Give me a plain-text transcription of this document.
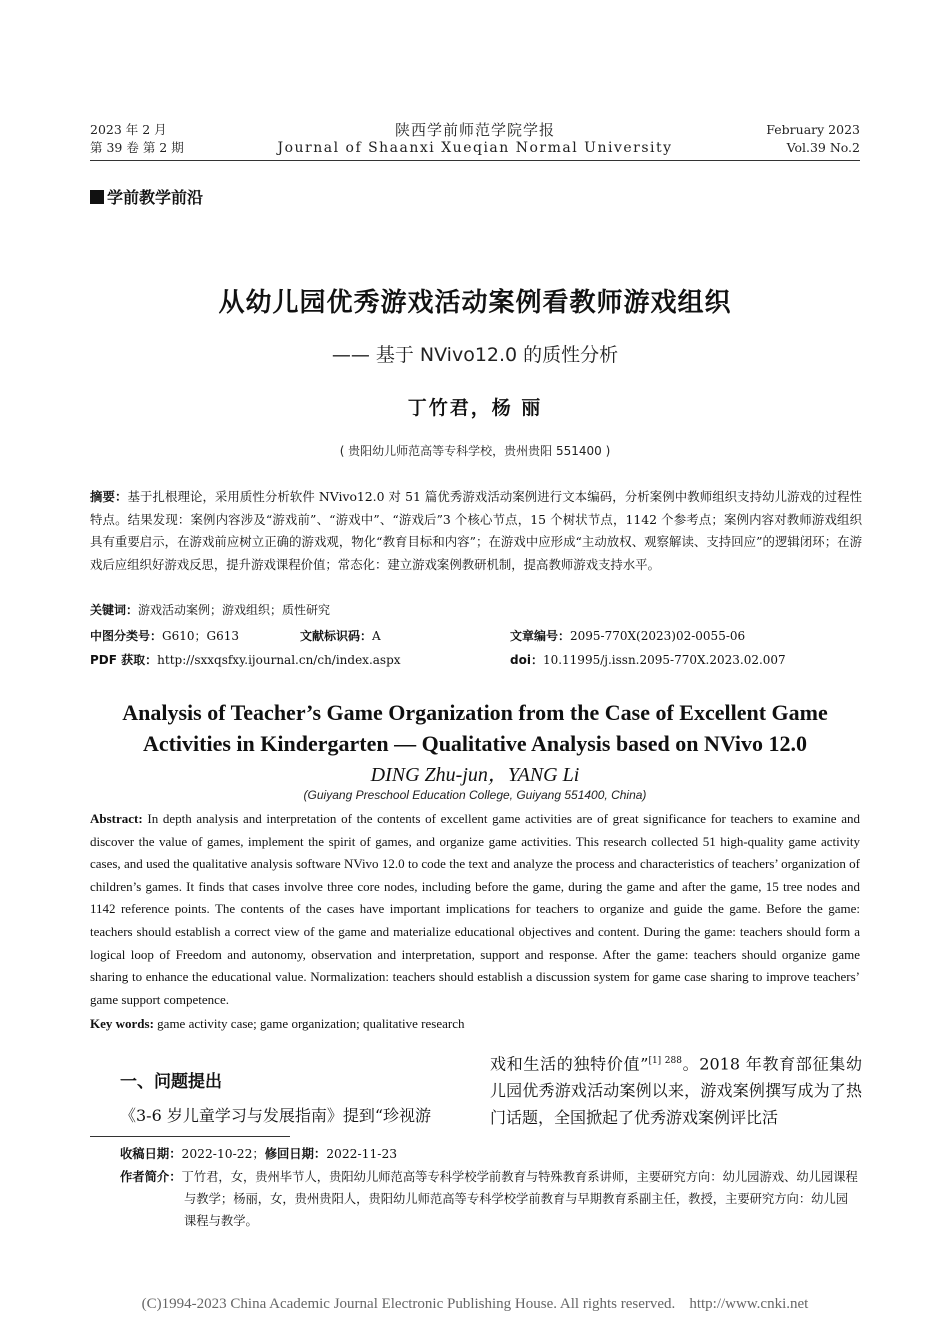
2023 年 2 月
第 39 卷 第 2 期
陕西学前师范学院学报
Journal of Shaanxi Xueqian Normal University
February 2023
Vol.39 No.2
学前教学前沿
从幼儿园优秀游戏活动案例看教师游戏组织
—— 基于 NVivo12.0 的质性分析
丁竹君，杨 丽
( 贵阳幼儿师范高等专科学校，贵州贵阳 551400 )
摘要：基于扎根理论，采用质性分析软件 NVivo12.0 对 51 篇优秀游戏活动案例进行文本编码，分析案例中教师组织支持幼儿游戏的过程性特点。结果发现：案例内容涉及“游戏前”、“游戏中”、“游戏后”3 个核心节点，15 个树状节点，1142 个参考点；案例内容对教师游戏组织具有重要启示，在游戏前应树立正确的游戏观，物化“教育目标和内容”；在游戏中应形成“主动放权、观察解读、支持回应”的逻辑闭环；在游戏后应组织好游戏反思，提升游戏课程价值；常态化：建立游戏案例教研机制，提高教师游戏支持水平。
关键词：游戏活动案例；游戏组织；质性研究
中图分类号：G610；G613	文献标识码：A	文章编号：2095-770X(2023)02-0055-06
PDF 获取：http://sxxqsfxy.ijournal.cn/ch/index.aspx	doi：10.11995/j.issn.2095-770X.2023.02.007
Analysis of Teacher’s Game Organization from the Case of Excellent Game
Activities in Kindergarten — Qualitative Analysis based on NVivo 12.0
DING Zhu-jun，YANG Li
(Guiyang Preschool Education College, Guiyang 551400, China)
Abstract: In depth analysis and interpretation of the contents of excellent game activities are of great significance for teachers to examine and discover the value of games, implement the spirit of games, and organize game activities. This research collected 51 high-quality game activity cases, and used the qualitative analysis software NVivo 12.0 to code the text and analyze the process and characteristics of teachers’ organization of children’s games. It finds that cases involve three core nodes, including before the game, during the game and after the game, 15 tree nodes and 1142 reference points. The contents of the cases have important implications for teachers to organize and guide the game. Before the game: teachers should establish a correct view of the game and materialize educational objectives and content. During the game: teachers should form a logical loop of Freedom and autonomy, observation and interpretation, support and response. After the game: teachers should organize game sharing to enhance the educational value. Normalization: teachers should establish a discussion system for game case sharing to improve teachers’ game support competence.
Key words: game activity case; game organization; qualitative research
一、问题提出
《3-6 岁儿童学习与发展指南》提到“珍视游
戏和生活的独特价值”$^{[1] 288}$。2018 年教育部征集幼儿园优秀游戏活动案例以来，游戏案例撰写成为了热门话题，全国掀起了优秀游戏案例评比活
收稿日期：2022-10-22；修回日期：2022-11-23
作者简介：丁竹君，女，贵州毕节人，贵阳幼儿师范高等专科学校学前教育与特殊教育系讲师，主要研究方向：幼儿园游戏、幼儿园课程与教学；杨丽，女，贵州贵阳人，贵阳幼儿师范高等专科学校学前教育与早期教育系副主任，教授，主要研究方向：幼儿园课程与教学。
(C)1994-2023 China Academic Journal Electronic Publishing House. All rights reserved. http://www.cnki.net
